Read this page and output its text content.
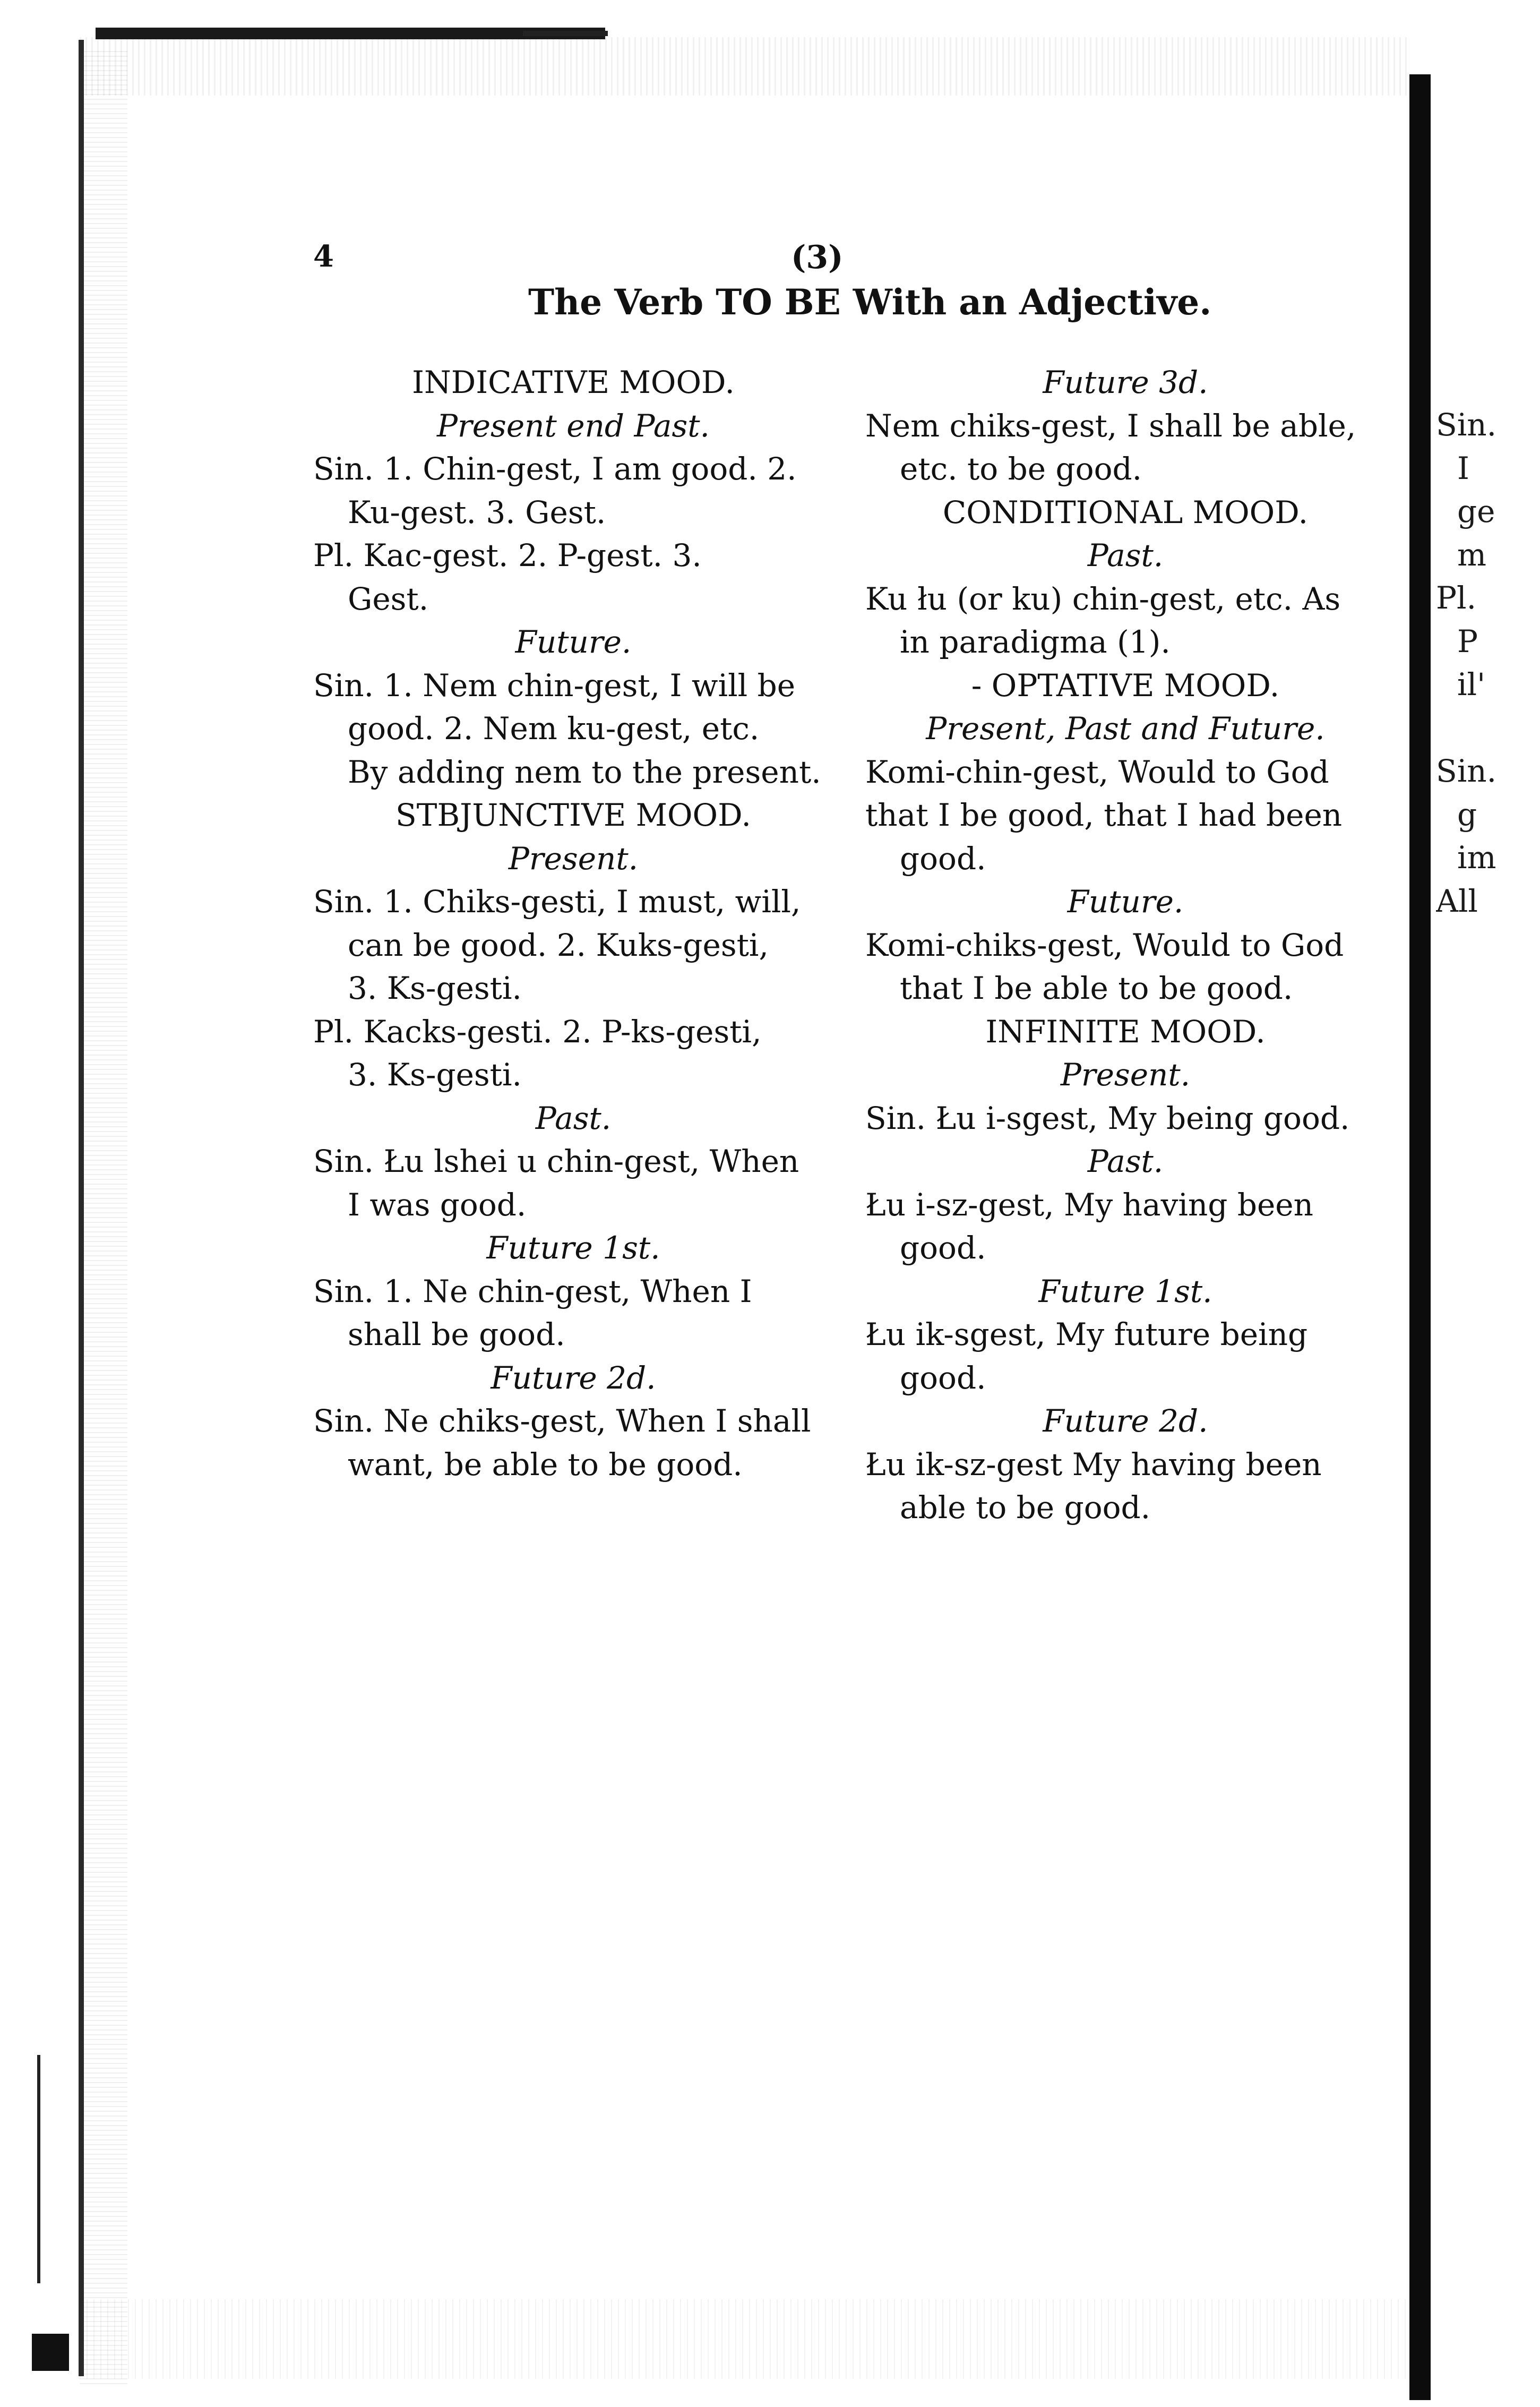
4	(3)
The Verb TO BE With an Adjective.
INDICATIVE MOOD.
Present end Past.
Sin. 1. Chin-gest, I am good. 2.
Ku-gest. 3. Gest.
Pl. Kac-gest. 2. P-gest. 3.
Gest.
Future.
Sin. 1. Nem chin-gest, I will be
good. 2. Nem ku-gest, etc.
By adding nem to the present.
STBJUNCTIVE MOOD.
Present.
Sin. 1. Chiks-gesti, I must, will,
can be good. 2. Kuks-gesti,
3. Ks-gesti.
Pl. Kacks-gesti. 2. P-ks-gesti,
3. Ks-gesti.
Past.
Sin. Łu lshei u chin-gest, When
I was good.
Future 1st.
Sin. 1. Ne chin-gest, When I
shall be good.
Future 2d.
Sin. Ne chiks-gest, When I shall
want, be able to be good.
Future 3d.
Nem chiks-gest, I shall be able,
etc. to be good.
CONDITIONAL MOOD.
Past.
Ku łu (or ku) chin-gest, etc. As
in paradigma (1).
- OPTATIVE MOOD.
Present, Past and Future.
Komi-chin-gest, Would to God
that I be good, that I had been
good.
Future.
Komi-chiks-gest, Would to God
that I be able to be good.
INFINITE MOOD.
Present.
Sin. Łu i-sgest, My being good.
Past.
Łu i-sz-gest, My having been
good.
Future 1st.
Łu ik-sgest, My future being
good.
Future 2d.
Łu ik-sz-gest My having been
able to be good.
Sin.
I
ge
m
Pl.
P
il'

Sin.
g
im
All
